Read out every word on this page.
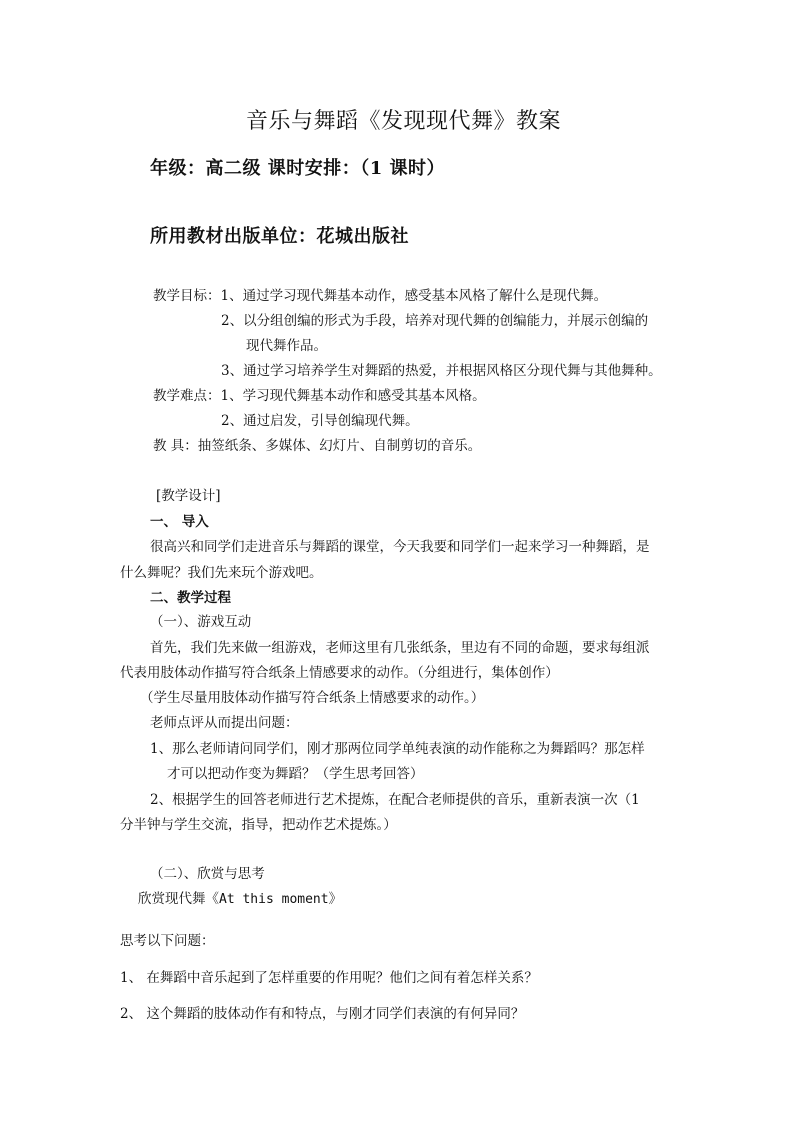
音乐与舞蹈《发现现代舞》教案
年级：高二级 课时安排：（1 课时）
所用教材出版单位：花城出版社
教学目标：1、通过学习现代舞基本动作，感受基本风格了解什么是现代舞。
2、以分组创编的形式为手段，培养对现代舞的创编能力，并展示创编的
现代舞作品。
3、通过学习培养学生对舞蹈的热爱，并根据风格区分现代舞与其他舞种。
教学难点：1、学习现代舞基本动作和感受其基本风格。
2、通过启发，引导创编现代舞。
教 具：抽签纸条、多媒体、幻灯片、自制剪切的音乐。
[教学设计]
一、 导入
很高兴和同学们走进音乐与舞蹈的课堂，今天我要和同学们一起来学习一种舞蹈，是
什么舞呢？我们先来玩个游戏吧。
二、教学过程
（一）、游戏互动
首先，我们先来做一组游戏，老师这里有几张纸条，里边有不同的命题，要求每组派
代表用肢体动作描写符合纸条上情感要求的动作。（分组进行，集体创作）
（学生尽量用肢体动作描写符合纸条上情感要求的动作。）
老师点评从而提出问题：
1、那么老师请问同学们，刚才那两位同学单纯表演的动作能称之为舞蹈吗？那怎样
才可以把动作变为舞蹈？（学生思考回答）
2、根据学生的回答老师进行艺术提炼，在配合老师提供的音乐，重新表演一次（1
分半钟与学生交流，指导，把动作艺术提炼。）
（二）、欣赏与思考
欣赏现代舞《At this moment》
思考以下问题：
1、 在舞蹈中音乐起到了怎样重要的作用呢？他们之间有着怎样关系？
2、 这个舞蹈的肢体动作有和特点，与刚才同学们表演的有何异同？
